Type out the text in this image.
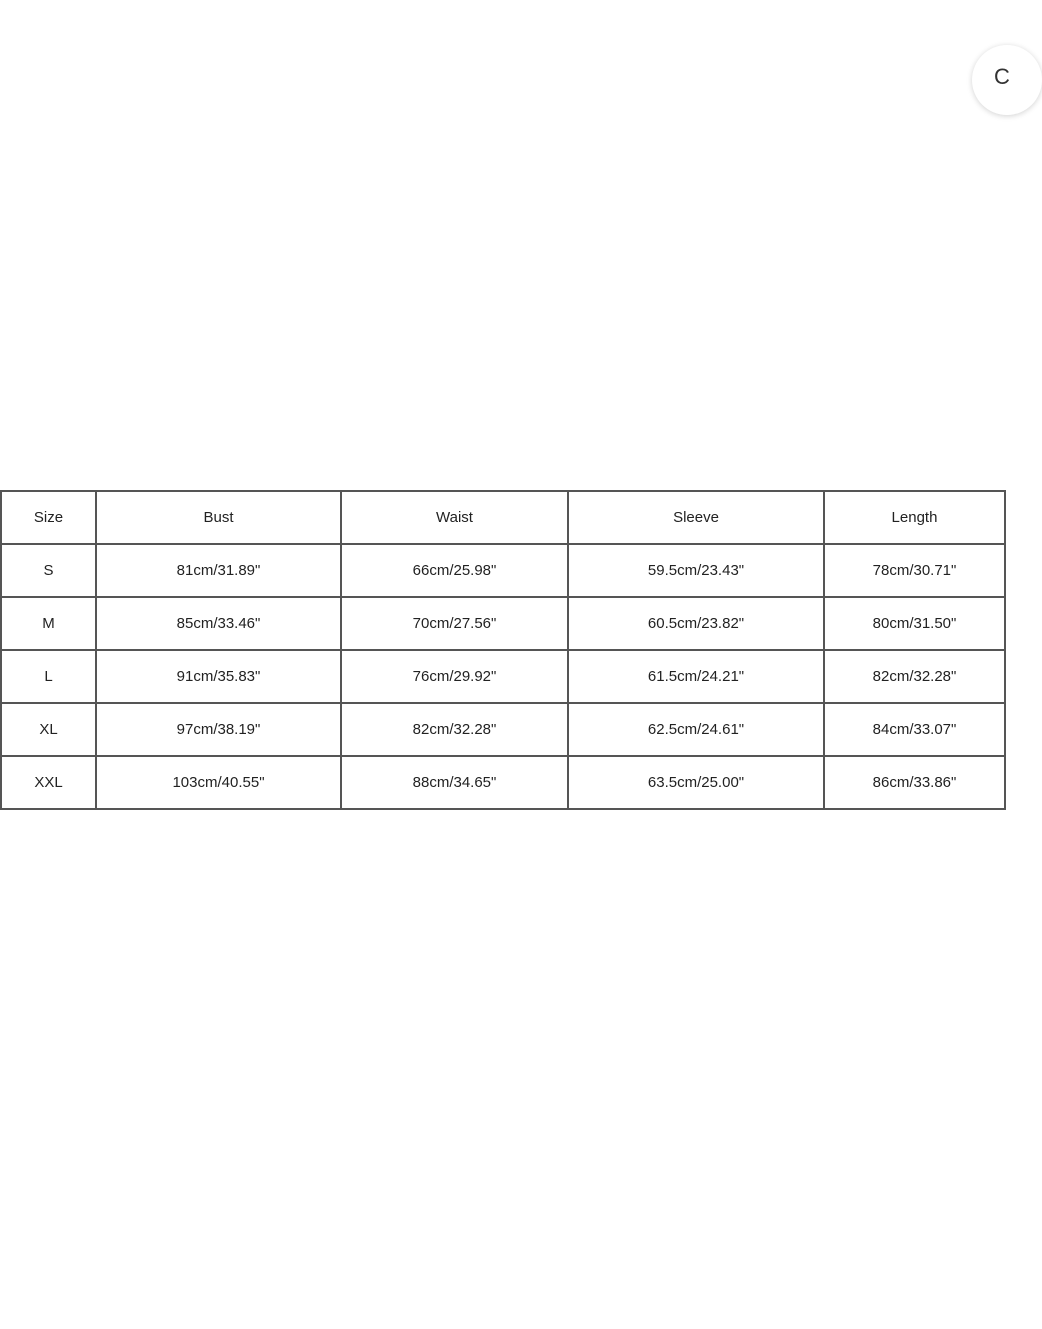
C
Size	Bust	Waist	Sleeve	Length
S	81cm/31.89"	66cm/25.98"	59.5cm/23.43"	78cm/30.71"
M	85cm/33.46"	70cm/27.56"	60.5cm/23.82"	80cm/31.50"
L	91cm/35.83"	76cm/29.92"	61.5cm/24.21"	82cm/32.28"
XL	97cm/38.19"	82cm/32.28"	62.5cm/24.61"	84cm/33.07"
XXL	103cm/40.55"	88cm/34.65"	63.5cm/25.00"	86cm/33.86"
